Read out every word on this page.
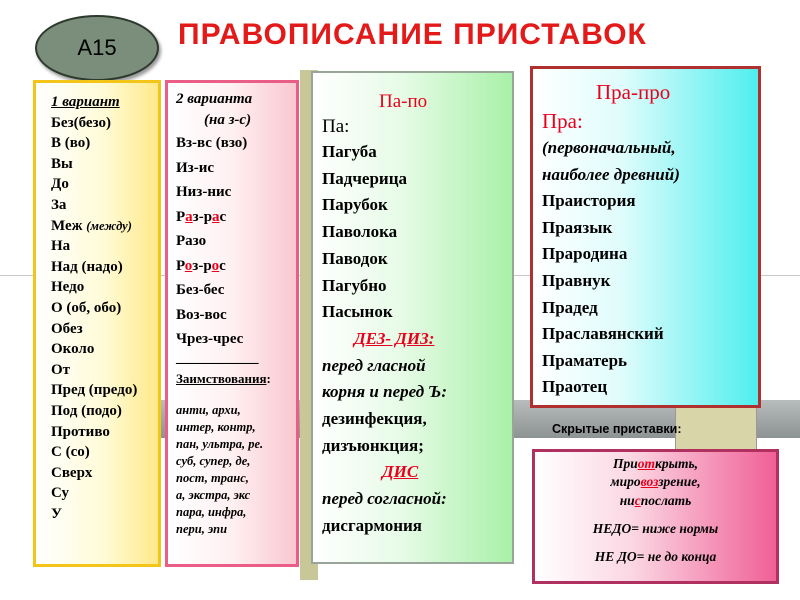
А15	ПРАВОПИСАНИЕ ПРИСТАВОК
1 вариант
Без(безо)
В (во)
Вы
До
За
Меж (между)
На
Над (надо)
Недо
О (об, обо)
Обез
Около
От
Пред (предо)
Под (подо)
Противо
С (со)
Сверх
Су
У
2 варианта
(на з-с)
Вз-вс (взо)
Из-ис
Низ-нис
Раз-рас
Разо
Роз-рос
Без-бес
Воз-вос
Чрез-чрес
___________
Заимствования:
анти, архи,
интер, контр,
пан, ультра, ре.
суб, супер, де,
пост, транс,
а, экстра, экс
пара, инфра,
пери, эпи
Па-по
Па:
Пагуба
Падчерица
Парубок
Паволока
Паводок
Пагубно
Пасынок
ДЕЗ- ДИЗ:
перед гласной
корня и перед Ъ:
дезинфекция,
дизъюнкция;
ДИС
перед согласной:
дисгармония
Пра-про
Пра:
(первоначальный,
наиболее древний)
Праистория
Праязык
Прародина
Правнук
Прадед
Праславянский
Праматерь
Праотец
Скрытые приставки:
Приоткрыть,
мировоззрение,
ниспослать
НЕДО= ниже нормы
НЕ ДО= не до конца
